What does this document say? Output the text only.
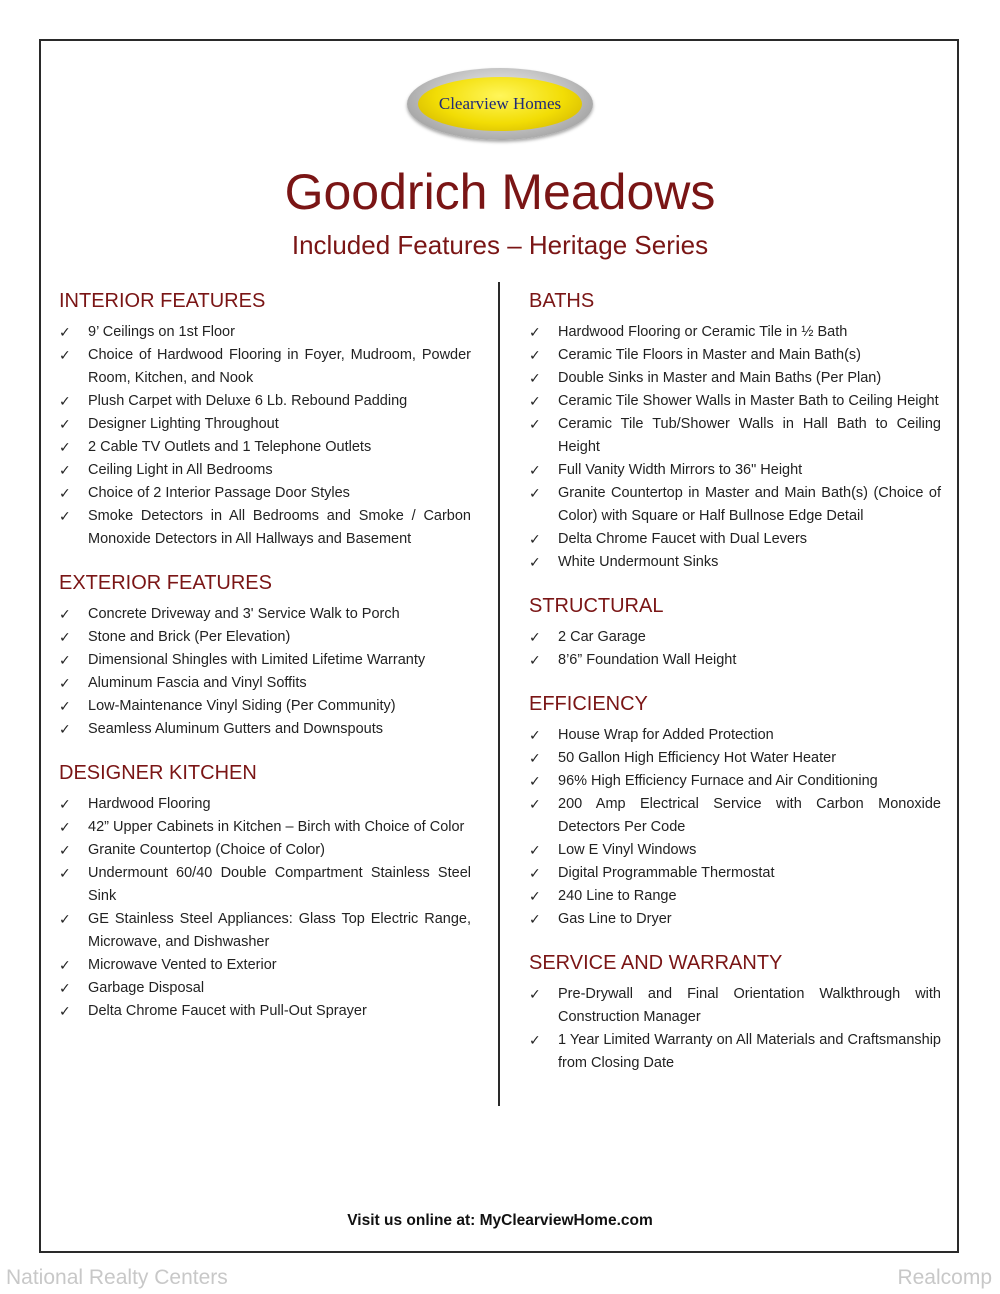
Clearview Homes
Goodrich Meadows
Included Features – Heritage Series
INTERIOR FEATURES
✓ 9’ Ceilings on 1st Floor
✓ Choice of Hardwood Flooring in Foyer, Mudroom, Powder Room, Kitchen, and Nook
✓ Plush Carpet with Deluxe 6 Lb. Rebound Padding
✓ Designer Lighting Throughout
✓ 2 Cable TV Outlets and 1 Telephone Outlets
✓ Ceiling Light in All Bedrooms
✓ Choice of 2 Interior Passage Door Styles
✓ Smoke Detectors in All Bedrooms and Smoke / Carbon Monoxide Detectors in All Hallways and Basement
EXTERIOR FEATURES
✓ Concrete Driveway and 3' Service Walk to Porch
✓ Stone and Brick (Per Elevation)
✓ Dimensional Shingles with Limited Lifetime Warranty
✓ Aluminum Fascia and Vinyl Soffits
✓ Low-Maintenance Vinyl Siding (Per Community)
✓ Seamless Aluminum Gutters and Downspouts
DESIGNER KITCHEN
✓ Hardwood Flooring
✓ 42” Upper Cabinets in Kitchen – Birch with Choice of Color
✓ Granite Countertop (Choice of Color)
✓ Undermount 60/40 Double Compartment Stainless Steel Sink
✓ GE Stainless Steel Appliances: Glass Top Electric Range, Microwave, and Dishwasher
✓ Microwave Vented to Exterior
✓ Garbage Disposal
✓ Delta Chrome Faucet with Pull-Out Sprayer
BATHS
✓ Hardwood Flooring or Ceramic Tile in ½ Bath
✓ Ceramic Tile Floors in Master and Main Bath(s)
✓ Double Sinks in Master and Main Baths (Per Plan)
✓ Ceramic Tile Shower Walls in Master Bath to Ceiling Height
✓ Ceramic Tile Tub/Shower Walls in Hall Bath to Ceiling Height
✓ Full Vanity Width Mirrors to 36" Height
✓ Granite Countertop in Master and Main Bath(s) (Choice of Color) with Square or Half Bullnose Edge Detail
✓ Delta Chrome Faucet with Dual Levers
✓ White Undermount Sinks
STRUCTURAL
✓ 2 Car Garage
✓ 8’6” Foundation Wall Height
EFFICIENCY
✓ House Wrap for Added Protection
✓ 50 Gallon High Efficiency Hot Water Heater
✓ 96% High Efficiency Furnace and Air Conditioning
✓ 200 Amp Electrical Service with Carbon Monoxide Detectors Per Code
✓ Low E Vinyl Windows
✓ Digital Programmable Thermostat
✓ 240 Line to Range
✓ Gas Line to Dryer
SERVICE AND WARRANTY
✓ Pre-Drywall and Final Orientation Walkthrough with Construction Manager
✓ 1 Year Limited Warranty on All Materials and Craftsmanship from Closing Date
Visit us online at: MyClearviewHome.com
National Realty Centers	Realcomp
